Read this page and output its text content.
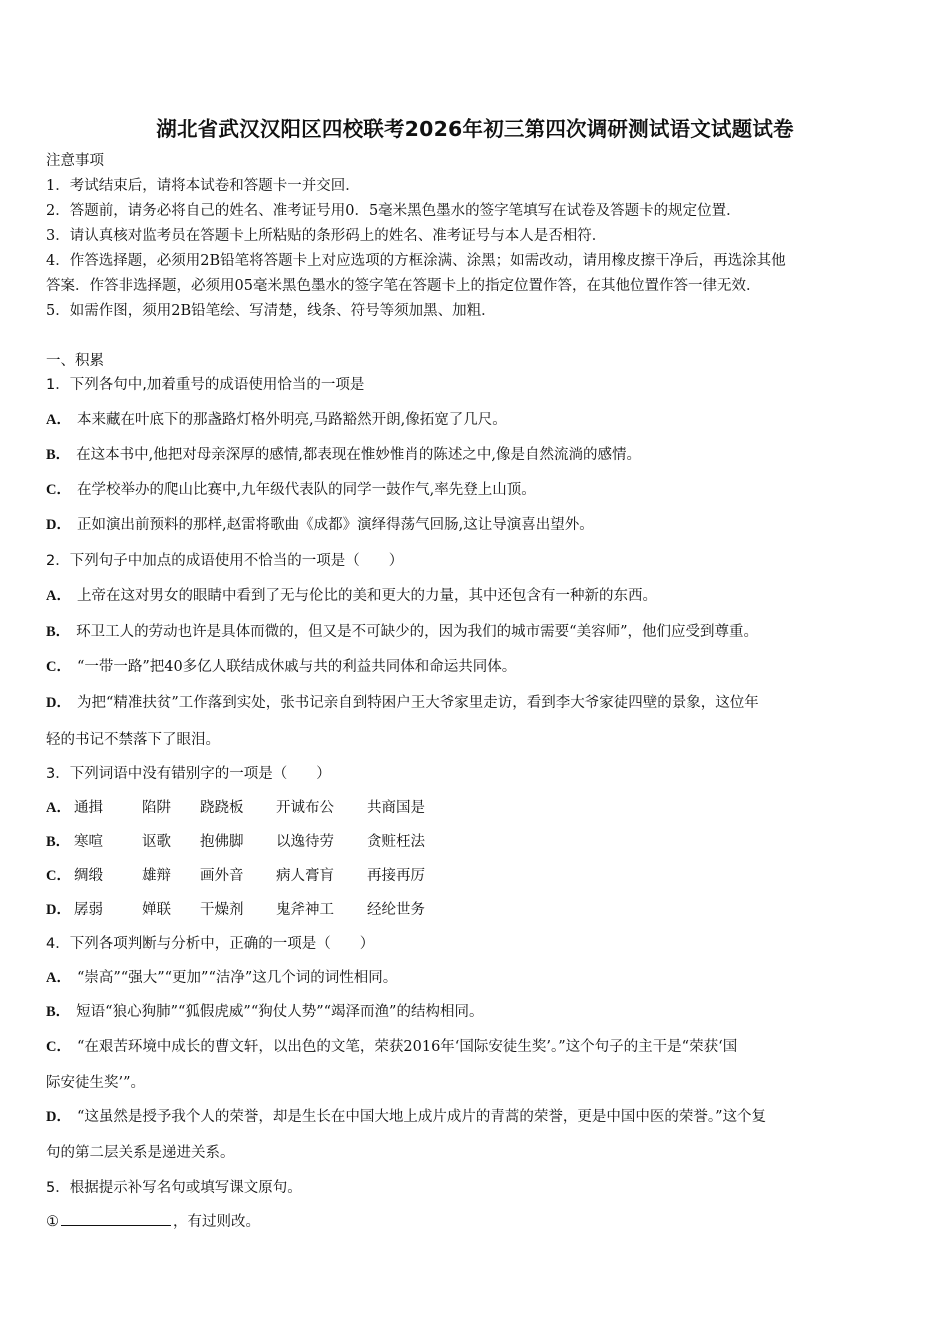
湖北省武汉汉阳区四校联考2026年初三第四次调研测试语文试题试卷
注意事项
1．考试结束后，请将本试卷和答题卡一并交回．
2．答题前，请务必将自己的姓名、准考证号用0．5毫米黑色墨水的签字笔填写在试卷及答题卡的规定位置．
3．请认真核对监考员在答题卡上所粘贴的条形码上的姓名、准考证号与本人是否相符．
4．作答选择题，必须用2B铅笔将答题卡上对应选项的方框涂满、涂黑；如需改动，请用橡皮擦干净后，再选涂其他
答案．作答非选择题，必须用05毫米黑色墨水的签字笔在答题卡上的指定位置作答，在其他位置作答一律无效．
5．如需作图，须用2B铅笔绘、写清楚，线条、符号等须加黑、加粗．
一、积累
1．下列各句中,加着重号的成语使用恰当的一项是
A． 本来藏在叶底下的那盏路灯格外明亮,马路豁然开朗,像拓宽了几尺。
B． 在这本书中,他把对母亲深厚的感情,都表现在惟妙惟肖的陈述之中,像是自然流淌的感情。
C． 在学校举办的爬山比赛中,九年级代表队的同学一鼓作气,率先登上山顶。
D． 正如演出前预料的那样,赵雷将歌曲《成都》演绎得荡气回肠,这让导演喜出望外。
2．下列句子中加点的成语使用不恰当的一项是（　　）
A． 上帝在这对男女的眼睛中看到了无与伦比的美和更大的力量，其中还包含有一种新的东西。
B． 环卫工人的劳动也许是具体而微的，但又是不可缺少的，因为我们的城市需要“美容师”，他们应受到尊重。
C． “一带一路”把40多亿人联结成休戚与共的利益共同体和命运共同体。
D． 为把“精准扶贫”工作落到实处，张书记亲自到特困户王大爷家里走访，看到李大爷家徒四壁的景象，这位年
轻的书记不禁落下了眼泪。
3．下列词语中没有错别字的一项是（　　）
A． 通揖	陷阱 跷跷板 开诚布公 共商国是
B． 寒喧	讴歌 抱佛脚 以逸待劳 贪赃枉法
C． 绸缎	雄辩 画外音 病人膏肓 再接再厉
D． 孱弱	婵联 干燥剂 鬼斧神工 经纶世务
4．下列各项判断与分析中，正确的一项是（　　）
A． “崇高”“强大”“更加”“洁净”这几个词的词性相同。
B． 短语“狼心狗肺”“狐假虎威”“狗仗人势”“竭泽而渔”的结构相同。
C． “在艰苦环境中成长的曹文轩，以出色的文笔，荣获2016年‘国际安徒生奖’。”这个句子的主干是“荣获‘国
际安徒生奖’”。
D． “这虽然是授予我个人的荣誉，却是生长在中国大地上成片成片的青蒿的荣誉，更是中国中医的荣誉。”这个复
句的第二层关系是递进关系。
5．根据提示补写名句或填写课文原句。
①	，有过则改。
